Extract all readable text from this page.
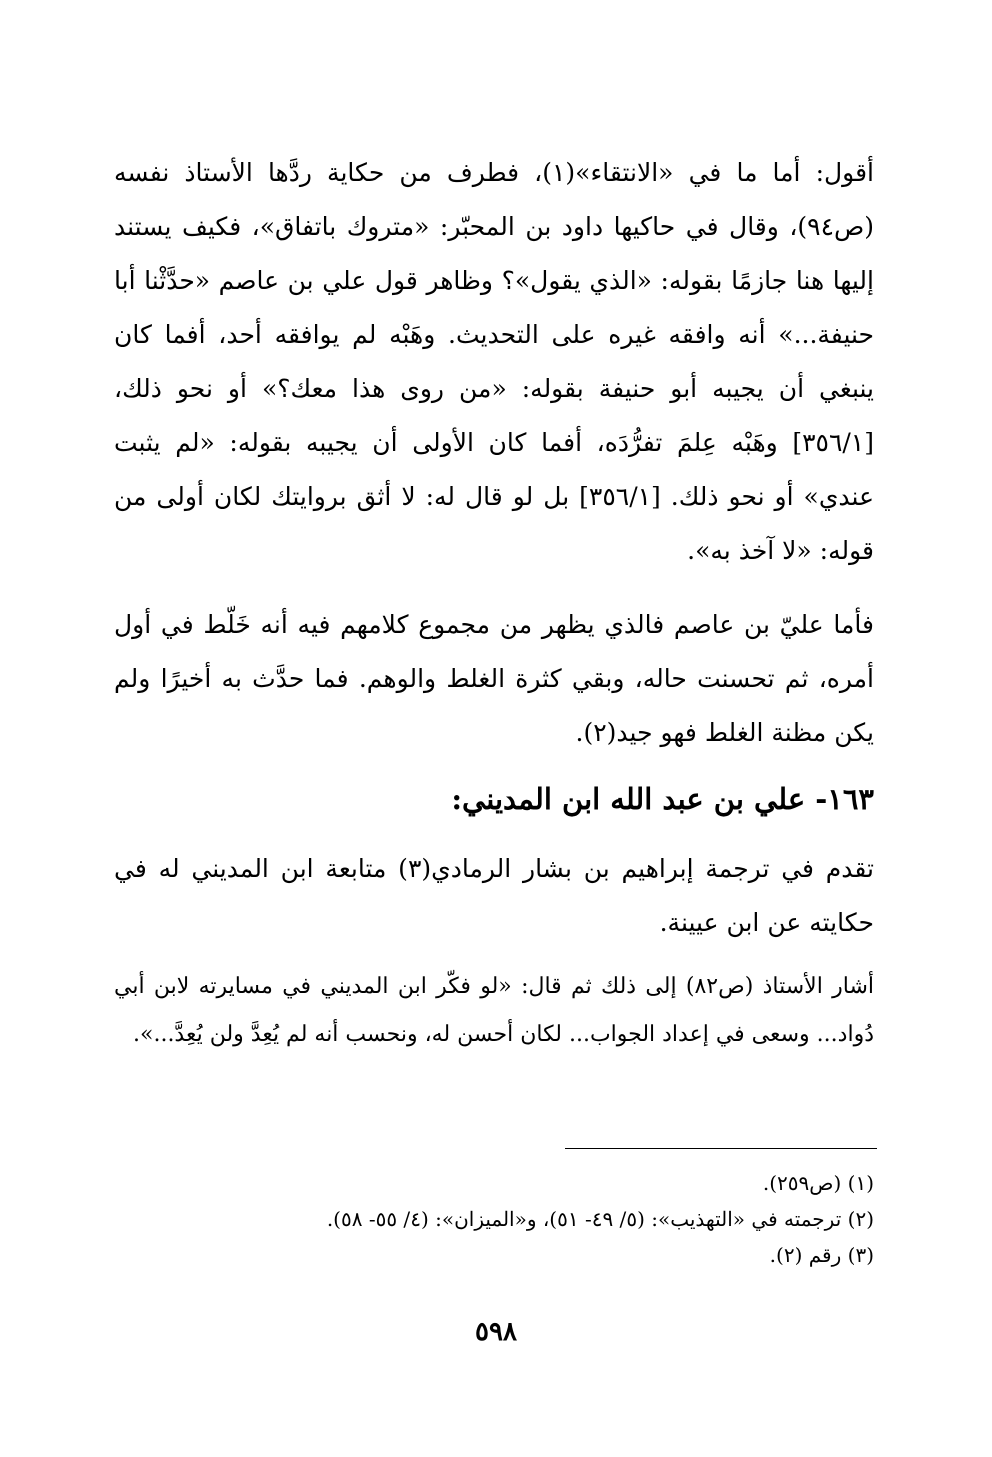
أقول: أما ما في «الانتقاء»(١)، فطرف من حكاية ردَّها الأستاذ نفسه (ص٩٤)، وقال في حاكيها داود بن المحبّر: «متروك باتفاق»، فكيف يستند إليها هنا جازمًا بقوله: «الذي يقول»؟ وظاهر قول علي بن عاصم «حدَّثْنا أبا حنيفة...» أنه وافقه غيره على التحديث. وهَبْه لم يوافقه أحد، أفما كان ينبغي أن يجيبه أبو حنيفة بقوله: «من روى هذا معك؟» أو نحو ذلك، [٣٥٦/١] وهَبْه عِلمَ تفرُّدَه، أفما كان الأولى أن يجيبه بقوله: «لم يثبت عندي» أو نحو ذلك. [٣٥٦/١] بل لو قال له: لا أثق بروايتك لكان أولى من قوله: «لا آخذ به».

فأما عليّ بن عاصم فالذي يظهر من مجموع كلامهم فيه أنه خَلّط في أول أمره، ثم تحسنت حاله، وبقي كثرة الغلط والوهم. فما حدَّث به أخيرًا ولم يكن مظنة الغلط فهو جيد(٢).

١٦٣- علي بن عبد الله ابن المديني:

تقدم في ترجمة إبراهيم بن بشار الرمادي(٣) متابعة ابن المديني له في حكايته عن ابن عيينة.

أشار الأستاذ (ص٨٢) إلى ذلك ثم قال: «لو فكّر ابن المديني في مسايرته لابن أبي دُواد... وسعى في إعداد الجواب... لكان أحسن له، ونحسب أنه لم يُعِدَّ ولن يُعِدَّ...».

(١) (ص٢٥٩).
(٢) ترجمته في «التهذيب»: (٥/ ٤٩- ٥١)، و«الميزان»: (٤/ ٥٥- ٥٨).
(٣) رقم (٢).
٥٩٨
